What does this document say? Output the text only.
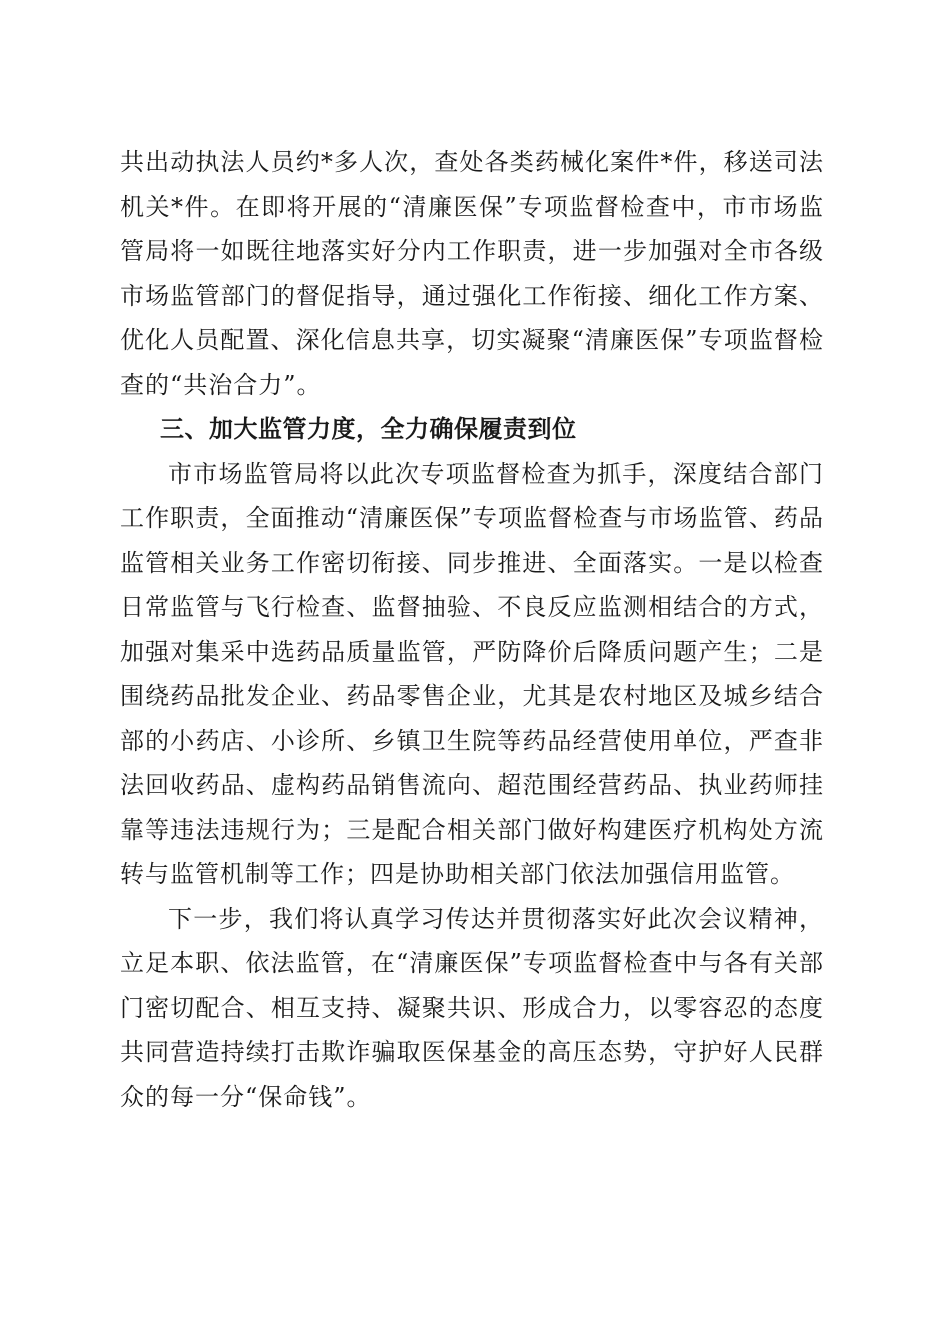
共出动执法人员约*多人次，查处各类药械化案件*件，移送司法机关*件。在即将开展的“清廉医保”专项监督检查中，市市场监管局将一如既往地落实好分内工作职责，进一步加强对全市各级市场监管部门的督促指导，通过强化工作衔接、细化工作方案、优化人员配置、深化信息共享，切实凝聚“清廉医保”专项监督检查的“共治合力”。

三、加大监管力度，全力确保履责到位

市市场监管局将以此次专项监督检查为抓手，深度结合部门工作职责，全面推动“清廉医保”专项监督检查与市场监管、药品监管相关业务工作密切衔接、同步推进、全面落实。一是以检查日常监管与飞行检查、监督抽验、不良反应监测相结合的方式，加强对集采中选药品质量监管，严防降价后降质问题产生；二是围绕药品批发企业、药品零售企业，尤其是农村地区及城乡结合部的小药店、小诊所、乡镇卫生院等药品经营使用单位，严查非法回收药品、虚构药品销售流向、超范围经营药品、执业药师挂靠等违法违规行为；三是配合相关部门做好构建医疗机构处方流转与监管机制等工作；四是协助相关部门依法加强信用监管。

下一步，我们将认真学习传达并贯彻落实好此次会议精神，立足本职、依法监管，在“清廉医保”专项监督检查中与各有关部门密切配合、相互支持、凝聚共识、形成合力，以零容忍的态度共同营造持续打击欺诈骗取医保基金的高压态势，守护好人民群众的每一分“保命钱”。
